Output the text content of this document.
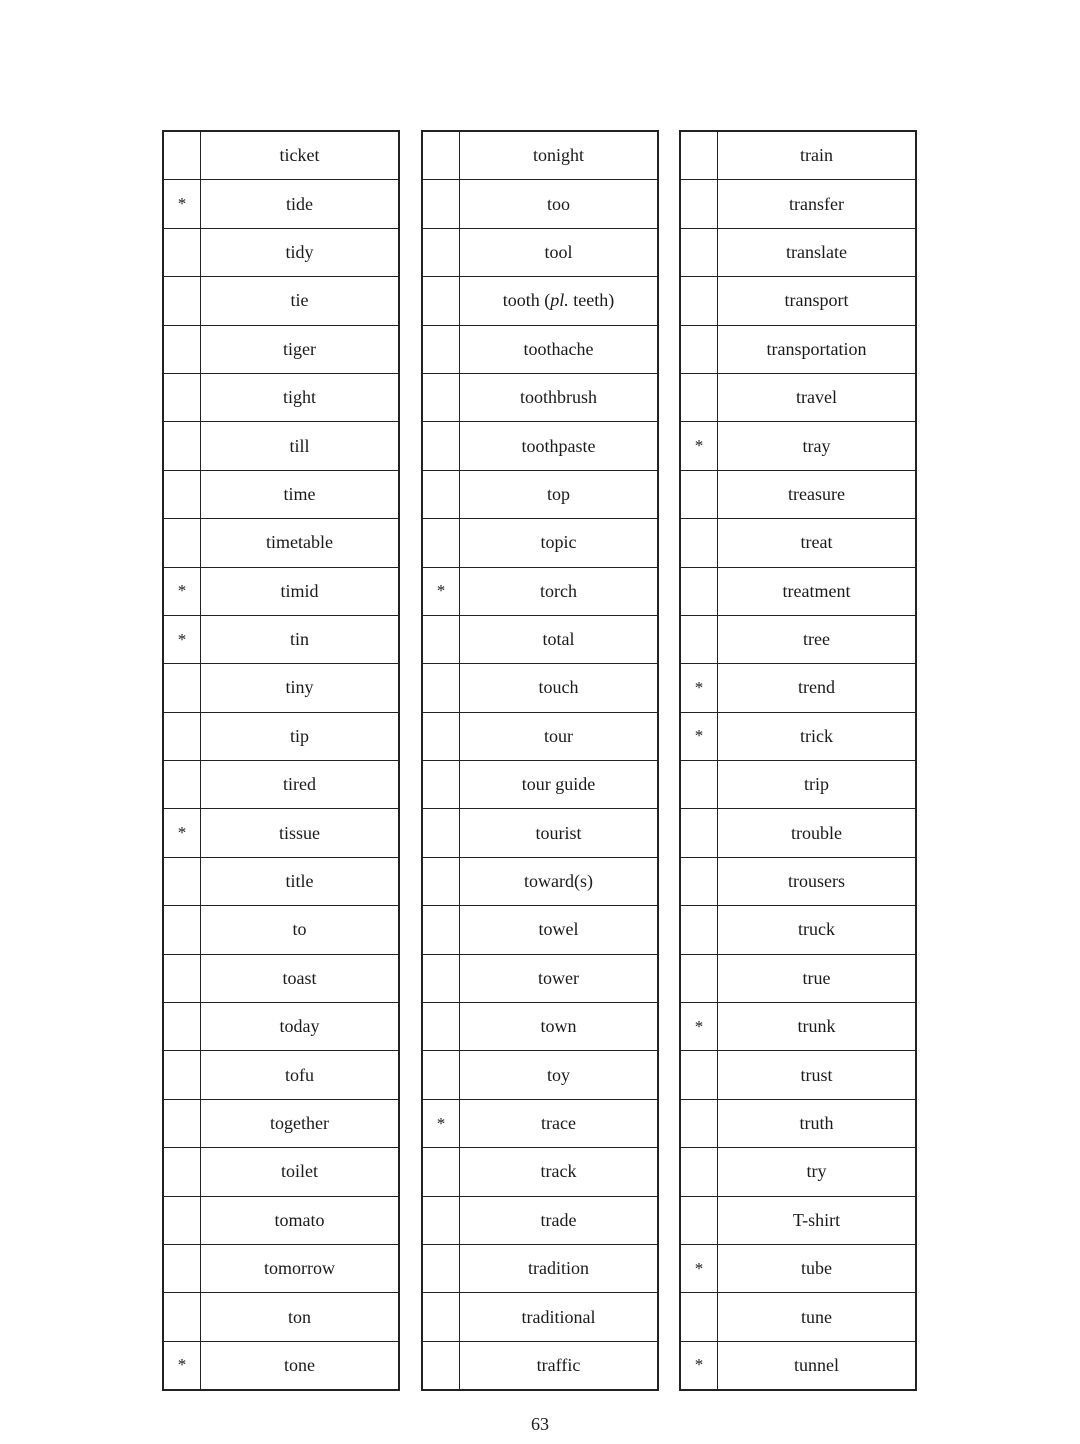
	ticket
*	tide
	tidy
	tie
	tiger
	tight
	till
	time
	timetable
*	timid
*	tin
	tiny
	tip
	tired
*	tissue
	title
	to
	toast
	today
	tofu
	together
	toilet
	tomato
	tomorrow
	ton
*	tone
	tonight
	too
	tool
	tooth (pl. teeth)
	toothache
	toothbrush
	toothpaste
	top
	topic
*	torch
	total
	touch
	tour
	tour guide
	tourist
	toward(s)
	towel
	tower
	town
	toy
*	trace
	track
	trade
	tradition
	traditional
	traffic
	train
	transfer
	translate
	transport
	transportation
	travel
*	tray
	treasure
	treat
	treatment
	tree
*	trend
*	trick
	trip
	trouble
	trousers
	truck
	true
*	trunk
	trust
	truth
	try
	T-shirt
*	tube
	tune
*	tunnel
63
